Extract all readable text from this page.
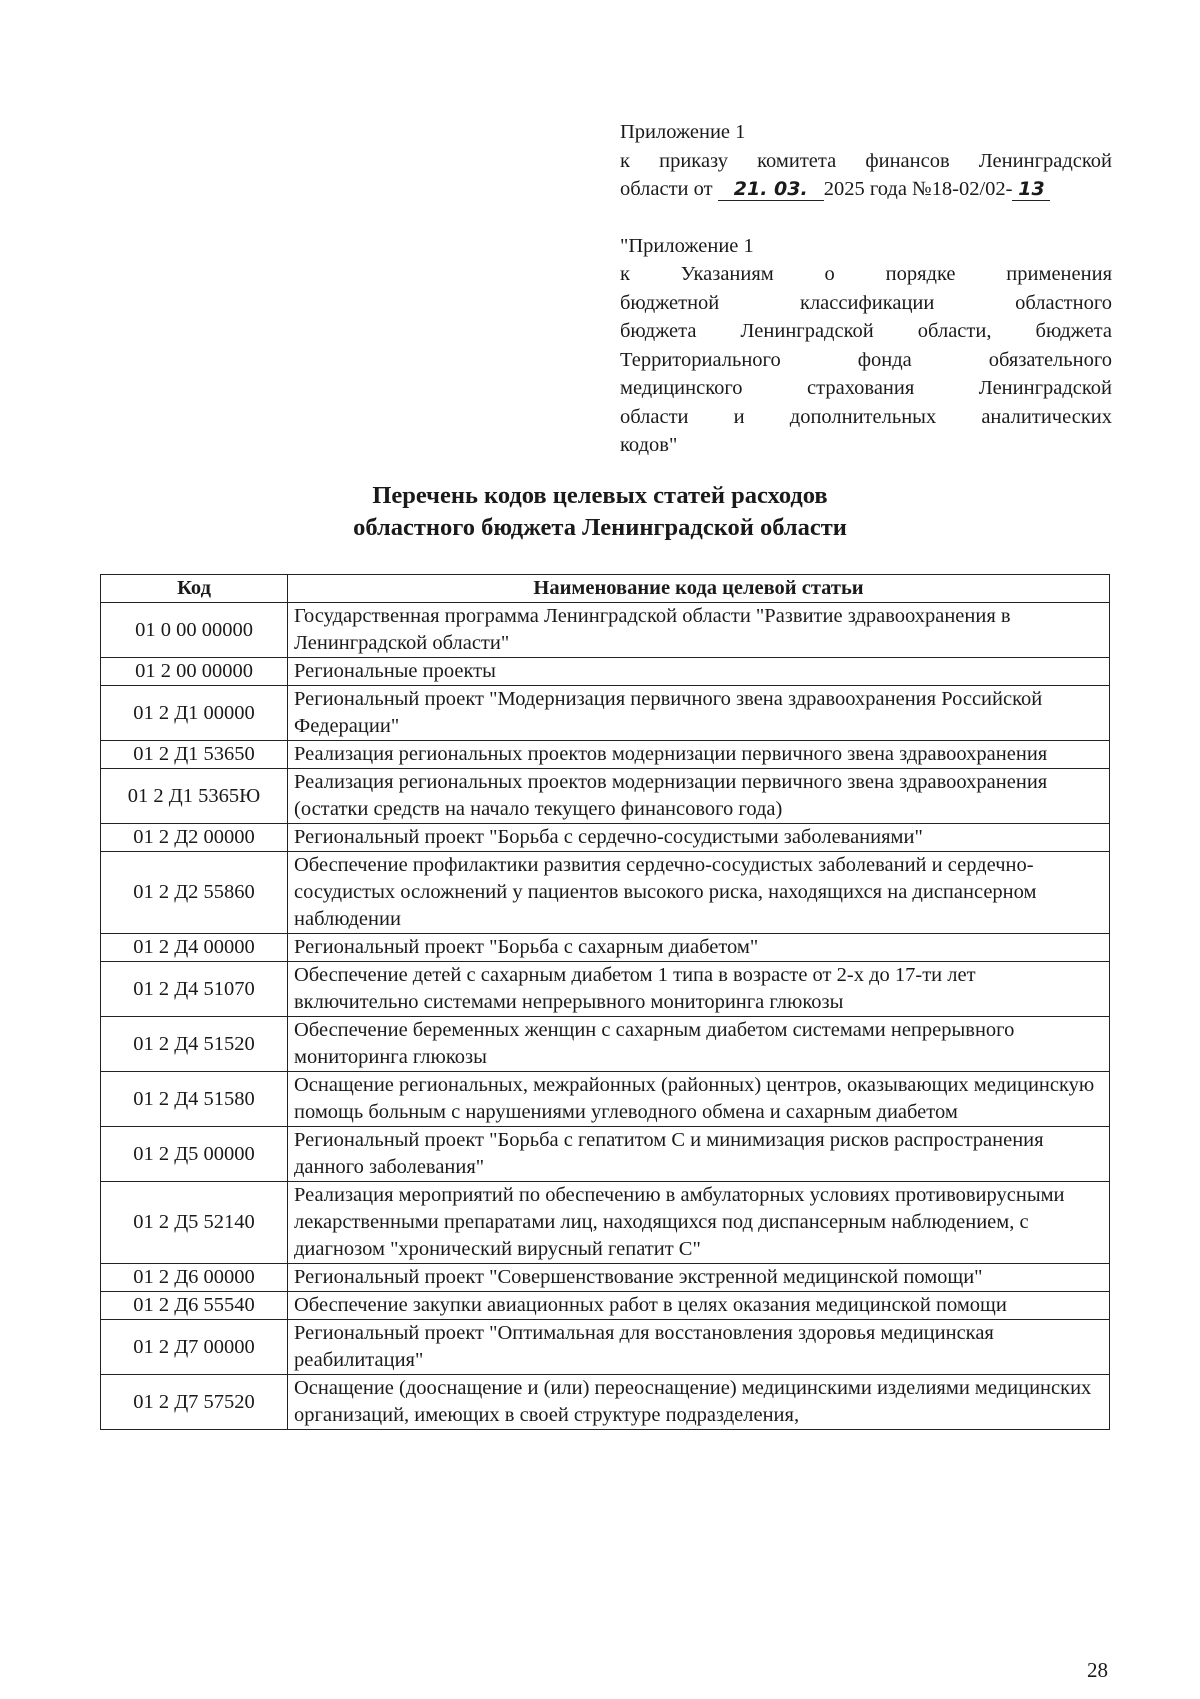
Приложение 1
к приказу комитета финансов Ленинградской
области от 21. 03. 2025 года №18-02/02- 13
"Приложение 1
к Указаниям о порядке применения
бюджетной классификации областного
бюджета Ленинградской области, бюджета
Территориального фонда обязательного
медицинского страхования Ленинградской
области и дополнительных аналитических
кодов"
Перечень кодов целевых статей расходов
областного бюджета Ленинградской области
Код	Наименование кода целевой статьи
01 0 00 00000	Государственная программа Ленинградской области "Развитие здравоохранения в Ленинградской области"
01 2 00 00000	Региональные проекты
01 2 Д1 00000	Региональный проект "Модернизация первичного звена здравоохранения Российской Федерации"
01 2 Д1 53650	Реализация региональных проектов модернизации первичного звена здравоохранения
01 2 Д1 5365Ю	Реализация региональных проектов модернизации первичного звена здравоохранения (остатки средств на начало текущего финансового года)
01 2 Д2 00000	Региональный проект "Борьба с сердечно-сосудистыми заболеваниями"
01 2 Д2 55860	Обеспечение профилактики развития сердечно-сосудистых заболеваний и сердечно-сосудистых осложнений у пациентов высокого риска, находящихся на диспансерном наблюдении
01 2 Д4 00000	Региональный проект "Борьба с сахарным диабетом"
01 2 Д4 51070	Обеспечение детей с сахарным диабетом 1 типа в возрасте от 2-х до 17-ти лет включительно системами непрерывного мониторинга глюкозы
01 2 Д4 51520	Обеспечение беременных женщин с сахарным диабетом системами непрерывного мониторинга глюкозы
01 2 Д4 51580	Оснащение региональных, межрайонных (районных) центров, оказывающих медицинскую помощь больным с нарушениями углеводного обмена и сахарным диабетом
01 2 Д5 00000	Региональный проект "Борьба с гепатитом С и минимизация рисков распространения данного заболевания"
01 2 Д5 52140	Реализация мероприятий по обеспечению в амбулаторных условиях противовирусными лекарственными препаратами лиц, находящихся под диспансерным наблюдением, с диагнозом "хронический вирусный гепатит С"
01 2 Д6 00000	Региональный проект "Совершенствование экстренной медицинской помощи"
01 2 Д6 55540	Обеспечение закупки авиационных работ в целях оказания медицинской помощи
01 2 Д7 00000	Региональный проект "Оптимальная для восстановления здоровья медицинская реабилитация"
01 2 Д7 57520	Оснащение (дооснащение и (или) переоснащение) медицинскими изделиями медицинских организаций, имеющих в своей структуре подразделения,
28
